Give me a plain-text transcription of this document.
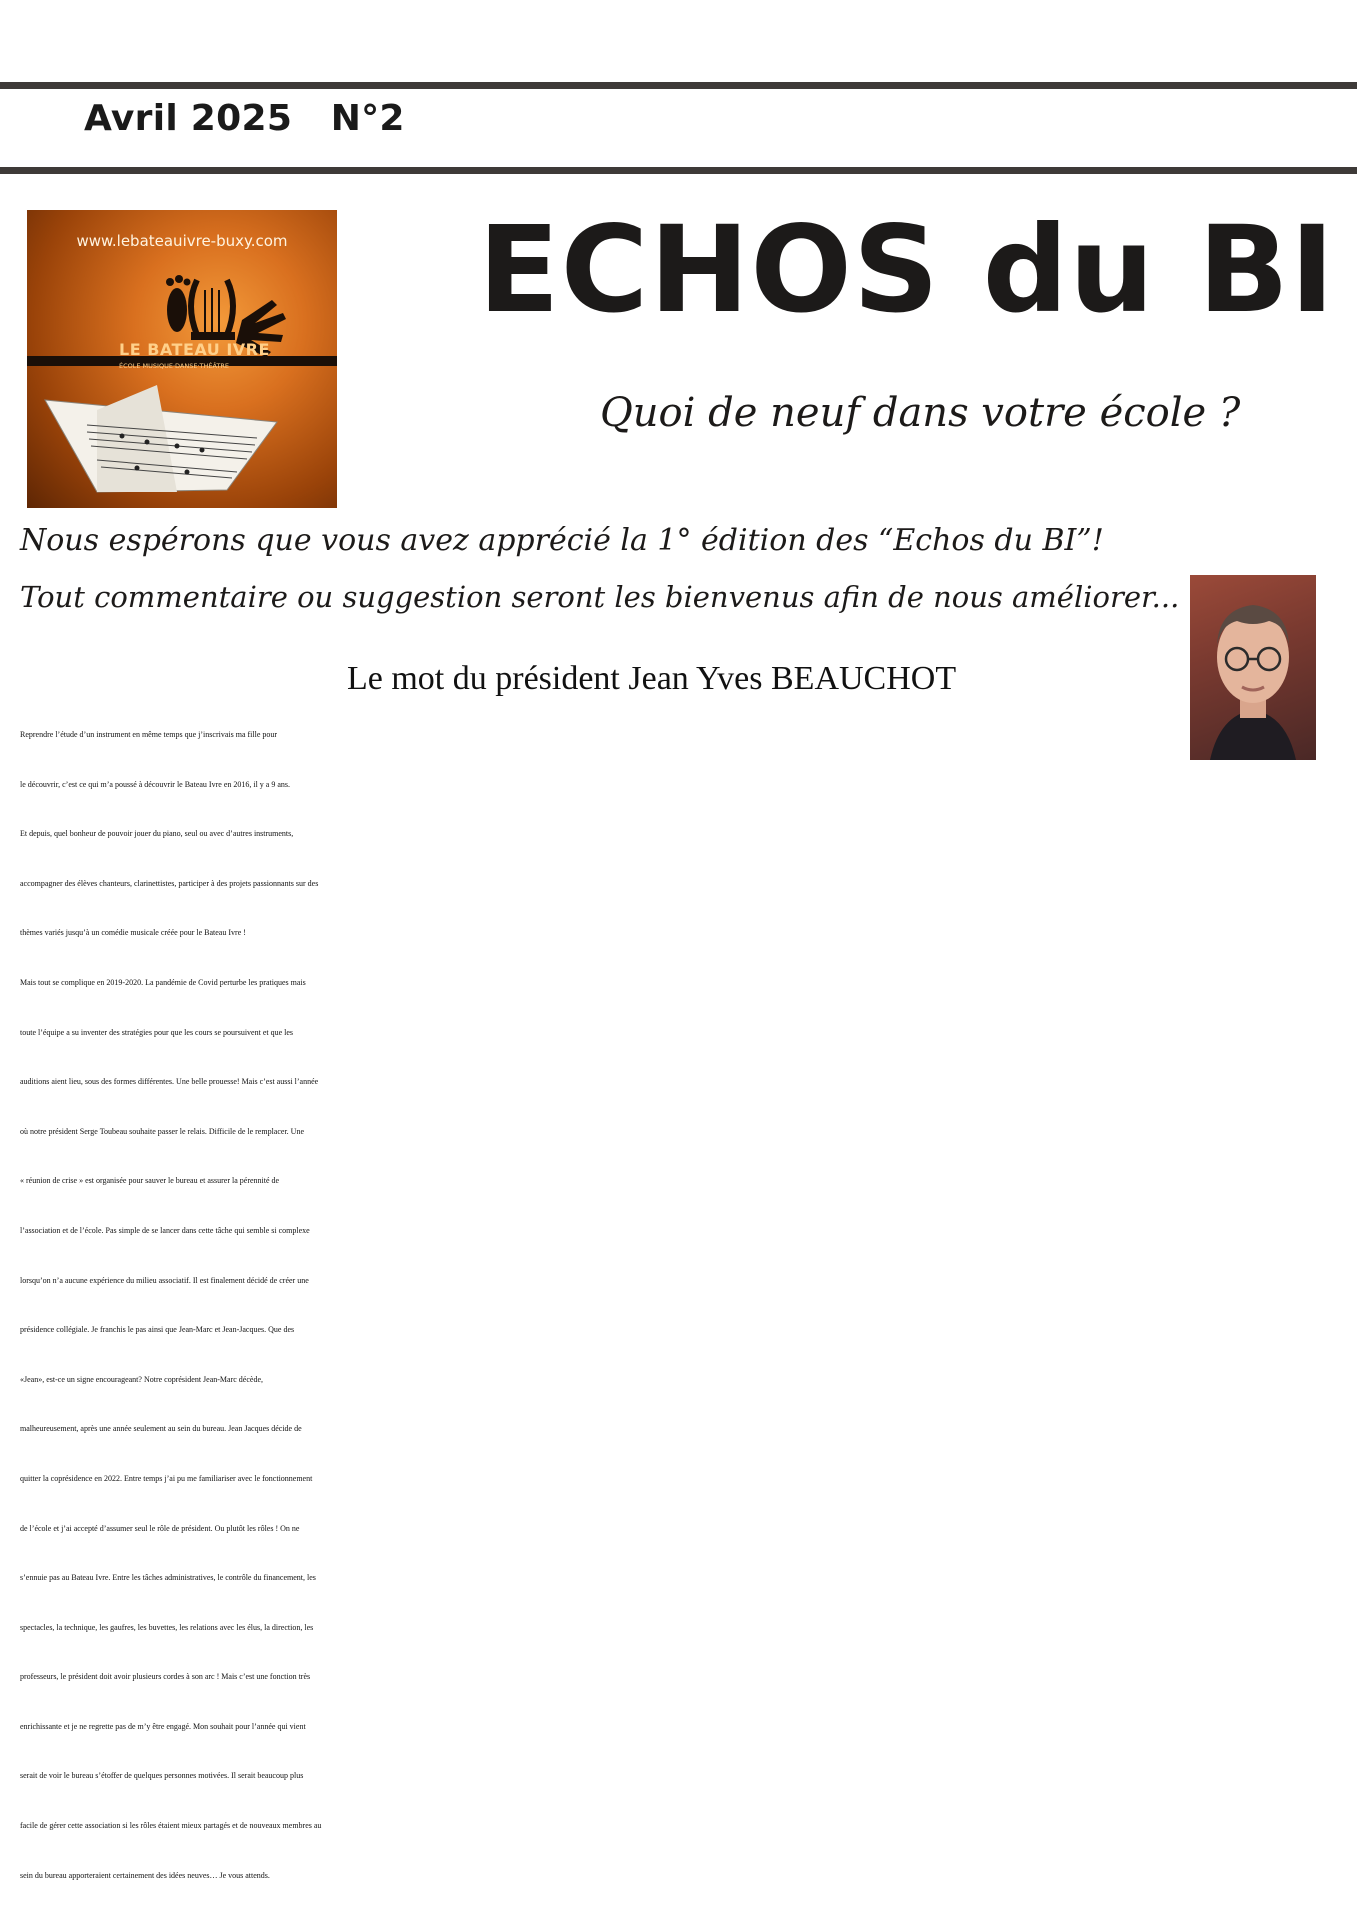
Avril 2025   N°2
www.lebateauivre-buxy.com
LE BATEAU IVRE
ÉCOLE MUSIQUE·DANSE·THÉÂTRE
ECHOS du BI
Quoi de neuf dans votre école ?
Nous espérons que vous avez apprécié la 1° édition des “Echos du BI”!
Tout commentaire ou suggestion seront les bienvenus afin de nous améliorer...
Le mot du président Jean Yves BEAUCHOT

Reprendre l’étude d’un instrument en même temps que j’inscrivais ma fille pour

le découvrir, c’est ce qui m’a poussé à découvrir le Bateau Ivre en 2016, il y a 9 ans.

Et depuis, quel bonheur de pouvoir jouer du piano, seul ou avec d’autres instruments,

accompagner des élèves chanteurs, clarinettistes, participer à des projets passionnants sur des

thèmes variés jusqu’à un comédie musicale créée pour le Bateau Ivre !

Mais tout se complique en 2019-2020. La pandémie de Covid perturbe les pratiques mais

toute l’équipe a su inventer des stratégies pour que les cours se poursuivent et que les

auditions aient lieu, sous des formes différentes. Une belle prouesse! Mais c’est aussi l’année

où notre président Serge Toubeau souhaite passer le relais. Difficile de le remplacer. Une

« réunion de crise » est organisée pour sauver le bureau et assurer la pérennité de

l’association et de l’école. Pas simple de se lancer dans cette tâche qui semble si complexe

lorsqu’on n’a aucune expérience du milieu associatif. Il est finalement décidé de créer une

présidence collégiale. Je franchis le pas ainsi que Jean-Marc et Jean-Jacques. Que des

«Jean», est-ce un signe encourageant? Notre coprésident Jean-Marc décède,

malheureusement, après une année seulement au sein du bureau. Jean Jacques décide de

quitter la coprésidence en 2022. Entre temps j’ai pu me familiariser avec le fonctionnement

de l’école et j’ai accepté d’assumer seul le rôle de président. Ou plutôt les rôles ! On ne

s’ennuie pas au Bateau Ivre. Entre les tâches administratives, le contrôle du financement, les

spectacles, la technique, les gaufres, les buvettes, les relations avec les élus, la direction, les

professeurs, le président doit avoir plusieurs cordes à son arc ! Mais c’est une fonction très

enrichissante et je ne regrette pas de m’y être engagé. Mon souhait pour l’année qui vient

serait de voir le bureau s’étoffer de quelques personnes motivées. Il serait beaucoup plus

facile de gérer cette association si les rôles étaient mieux partagés et de nouveaux membres au

sein du bureau apporteraient certainement des idées neuves… Je vous attends.
